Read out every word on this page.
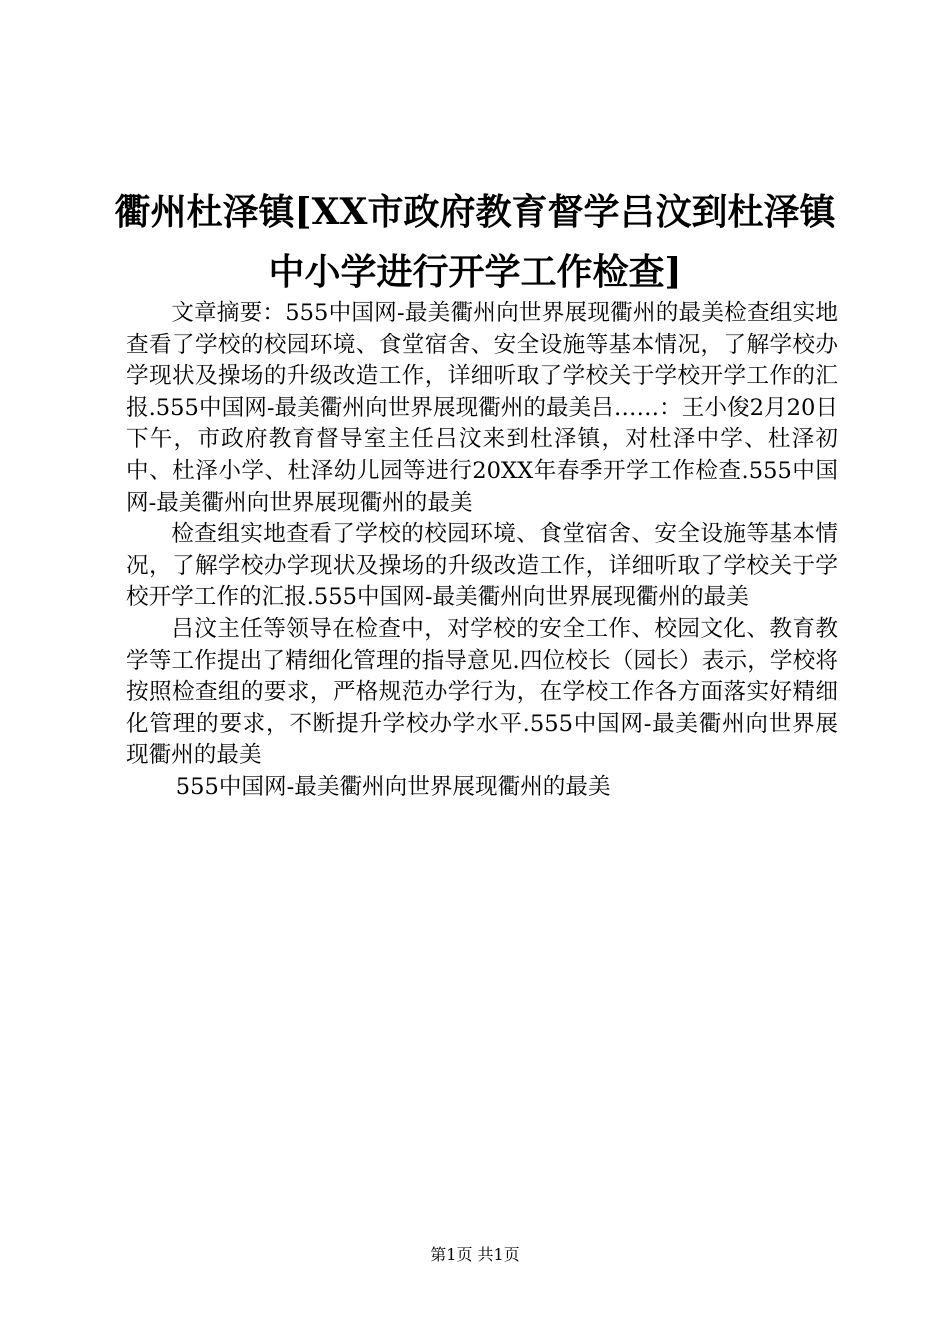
衢州杜泽镇[XX市政府教育督学吕汶到杜泽镇
中小学进行开学工作检查]

文章摘要：555中国网-最美衢州向世界展现衢州的最美检查组实地查看了学校的校园环境、食堂宿舍、安全设施等基本情况，了解学校办学现状及操场的升级改造工作，详细听取了学校关于学校开学工作的汇报.555中国网-最美衢州向世界展现衢州的最美吕……：王小俊2月20日下午，市政府教育督导室主任吕汶来到杜泽镇，对杜泽中学、杜泽初中、杜泽小学、杜泽幼儿园等进行20XX年春季开学工作检查.555中国网-最美衢州向世界展现衢州的最美

检查组实地查看了学校的校园环境、食堂宿舍、安全设施等基本情况，了解学校办学现状及操场的升级改造工作，详细听取了学校关于学校开学工作的汇报.555中国网-最美衢州向世界展现衢州的最美

吕汶主任等领导在检查中，对学校的安全工作、校园文化、教育教学等工作提出了精细化管理的指导意见.四位校长（园长）表示，学校将按照检查组的要求，严格规范办学行为，在学校工作各方面落实好精细化管理的要求，不断提升学校办学水平.555中国网-最美衢州向世界展现衢州的最美

555中国网-最美衢州向世界展现衢州的最美

第1页 共1页
